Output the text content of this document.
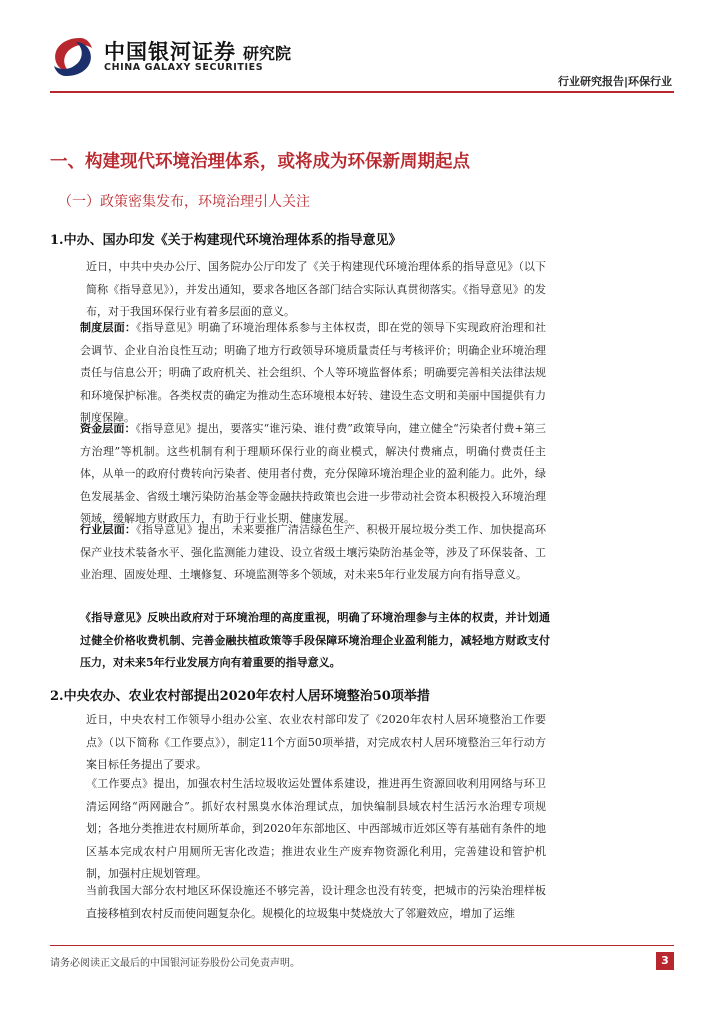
中国银河证券
CHINA GALAXY SECURITIES
研究院
行业研究报告|环保行业
一、构建现代环境治理体系，或将成为环保新周期起点
（一）政策密集发布，环境治理引人关注
1.中办、国办印发《关于构建现代环境治理体系的指导意见》

近日，中共中央办公厅、国务院办公厅印发了《关于构建现代环境治理体系的指导意见》（以下简称《指导意见》），并发出通知，要求各地区各部门结合实际认真贯彻落实。《指导意见》的发布，对于我国环保行业有着多层面的意义。

制度层面：《指导意见》明确了环境治理体系参与主体权责，即在党的领导下实现政府治理和社会调节、企业自治良性互动；明确了地方行政领导环境质量责任与考核评价；明确企业环境治理责任与信息公开；明确了政府机关、社会组织、个人等环境监督体系；明确要完善相关法律法规和环境保护标准。各类权责的确定为推动生态环境根本好转、建设生态文明和美丽中国提供有力制度保障。

资金层面：《指导意见》提出，要落实“谁污染、谁付费”政策导向，建立健全“污染者付费+第三方治理”等机制。这些机制有利于理顺环保行业的商业模式，解决付费痛点，明确付费责任主体，从单一的政府付费转向污染者、使用者付费，充分保障环境治理企业的盈利能力。此外，绿色发展基金、省级土壤污染防治基金等金融扶持政策也会进一步带动社会资本积极投入环境治理领域，缓解地方财政压力，有助于行业长期、健康发展。

行业层面：《指导意见》提出，未来要推广清洁绿色生产、积极开展垃圾分类工作、加快提高环保产业技术装备水平、强化监测能力建设、设立省级土壤污染防治基金等，涉及了环保装备、工业治理、固废处理、土壤修复、环境监测等多个领域，对未来5年行业发展方向有指导意义。

《指导意见》反映出政府对于环境治理的高度重视，明确了环境治理参与主体的权责，并计划通过健全价格收费机制、完善金融扶植政策等手段保障环境治理企业盈利能力，减轻地方财政支付压力，对未来5年行业发展方向有着重要的指导意义。

2.中央农办、农业农村部提出2020年农村人居环境整治50项举措

近日，中央农村工作领导小组办公室、农业农村部印发了《2020年农村人居环境整治工作要点》（以下简称《工作要点》），制定11个方面50项举措，对完成农村人居环境整治三年行动方案目标任务提出了要求。

《工作要点》提出，加强农村生活垃圾收运处置体系建设，推进再生资源回收利用网络与环卫清运网络“两网融合”。抓好农村黑臭水体治理试点，加快编制县域农村生活污水治理专项规划；各地分类推进农村厕所革命，到2020年东部地区、中西部城市近郊区等有基础有条件的地区基本完成农村户用厕所无害化改造；推进农业生产废弃物资源化利用，完善建设和管护机制，加强村庄规划管理。

当前我国大部分农村地区环保设施还不够完善，设计理念也没有转变，把城市的污染治理样板直接移植到农村反而使问题复杂化。规模化的垃圾集中焚烧放大了邻避效应，增加了运维

请务必阅读正文最后的中国银河证券股份公司免责声明。	3
